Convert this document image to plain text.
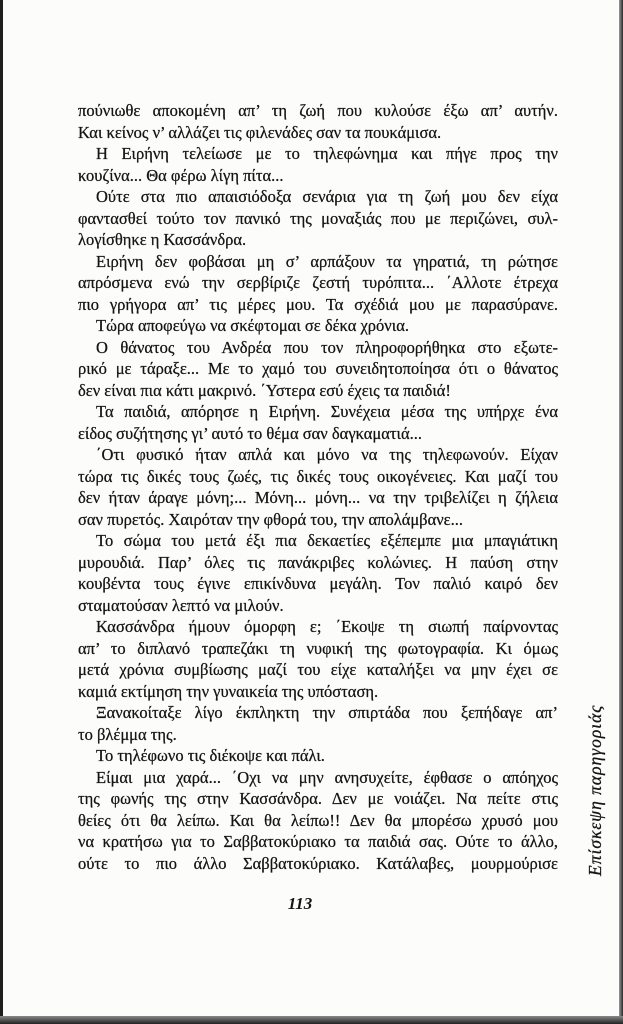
πούνιωθε αποκομένη απ’ τη ζωή που κυλούσε έξω απ’ αυτήν.
Και κείνος ν’ αλλάζει τις φιλενάδες σαν τα πουκάμισα.
Η Ειρήνη τελείωσε με το τηλεφώνημα και πήγε προς την
κουζίνα... Θα φέρω λίγη πίτα...
Ούτε στα πιο απαισιόδοξα σενάρια για τη ζωή μου δεν είχα
φαντασθεί τούτο τον πανικό της μοναξιάς που με περιζώνει, συλ-
λογίσθηκε η Κασσάνδρα.
Ειρήνη δεν φοβάσαι μη σ’ αρπάξουν τα γηρατιά, τη ρώτησε
απρόσμενα ενώ την σερβίριζε ζεστή τυρόπιτα... ΄Αλλοτε έτρεχα
πιο γρήγορα απ’ τις μέρες μου. Τα σχέδιά μου με παρασύρανε.
Τώρα αποφεύγω να σκέφτομαι σε δέκα χρόνια.
Ο θάνατος του Ανδρέα που τον πληροφορήθηκα στο εξωτε-
ρικό με τάραξε... Με το χαμό του συνειδητοποίησα ότι ο θάνατος
δεν είναι πια κάτι μακρινό. ΄Υστερα εσύ έχεις τα παιδιά!
Τα παιδιά, απόρησε η Ειρήνη. Συνέχεια μέσα της υπήρχε ένα
είδος συζήτησης γι’ αυτό το θέμα σαν δαγκαματιά...
΄Οτι φυσικό ήταν απλά και μόνο να της τηλεφωνούν. Είχαν
τώρα τις δικές τους ζωές, τις δικές τους οικογένειες. Και μαζί του
δεν ήταν άραγε μόνη;... Μόνη... μόνη... να την τριβελίζει η ζήλεια
σαν πυρετός. Χαιρόταν την φθορά του, την απολάμβανε...
Το σώμα του μετά έξι πια δεκαετίες εξέπεμπε μια μπαγιάτικη
μυρουδιά. Παρ’ όλες τις πανάκριβες κολώνιες. Η παύση στην
κουβέντα τους έγινε επικίνδυνα μεγάλη. Τον παλιό καιρό δεν
σταματούσαν λεπτό να μιλούν.
Κασσάνδρα ήμουν όμορφη ε; ΄Εκοψε τη σιωπή παίρνοντας
απ’ το διπλανό τραπεζάκι τη νυφική της φωτογραφία. Κι όμως
μετά χρόνια συμβίωσης μαζί του είχε καταλήξει να μην έχει σε
καμιά εκτίμηση την γυναικεία της υπόσταση.
Ξανακοίταξε λίγο έκπληκτη την σπιρτάδα που ξεπήδαγε απ’
το βλέμμα της.
Το τηλέφωνο τις διέκοψε και πάλι.
Είμαι μια χαρά... ΄Οχι να μην ανησυχείτε, έφθασε ο απόηχος
της φωνής της στην Κασσάνδρα. Δεν με νοιάζει. Να πείτε στις
θείες ότι θα λείπω. Και θα λείπω!! Δεν θα μπορέσω χρυσό μου
να κρατήσω για το Σαββατοκύριακο τα παιδιά σας. Ούτε το άλλο,
ούτε το πιο άλλο Σαββατοκύριακο. Κατάλαβες, μουρμούρισε
113
Επίσκεψη παρηγοριάς
